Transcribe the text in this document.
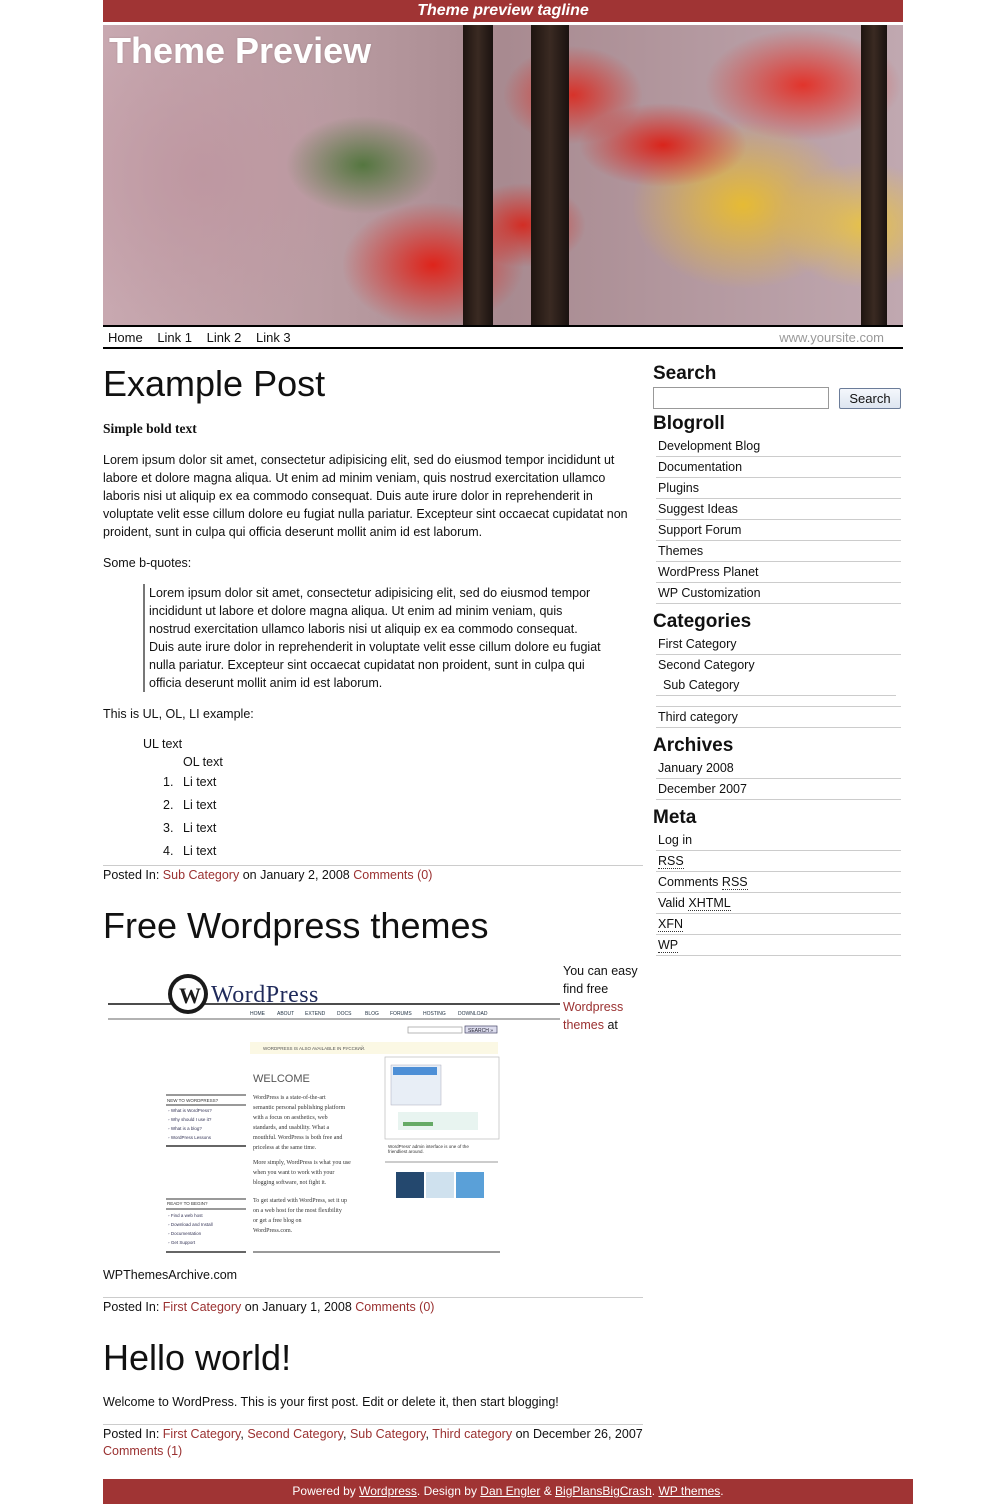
Theme preview tagline
Theme Preview
Home Link 1 Link 2 Link 3	www.yoursite.com
Example Post
Simple bold text

Lorem ipsum dolor sit amet, consectetur adipisicing elit, sed do eiusmod tempor incididunt ut labore et dolore magna aliqua. Ut enim ad minim veniam, quis nostrud exercitation ullamco laboris nisi ut aliquip ex ea commodo consequat. Duis aute irure dolor in reprehenderit in voluptate velit esse cillum dolore eu fugiat nulla pariatur. Excepteur sint occaecat cupidatat non proident, sunt in culpa qui officia deserunt mollit anim id est laborum.

Some b-quotes:

Lorem ipsum dolor sit amet, consectetur adipisicing elit, sed do eiusmod tempor incididunt ut labore et dolore magna aliqua. Ut enim ad minim veniam, quis nostrud exercitation ullamco laboris nisi ut aliquip ex ea commodo consequat. Duis aute irure dolor in reprehenderit in voluptate velit esse cillum dolore eu fugiat nulla pariatur. Excepteur sint occaecat cupidatat non proident, sunt in culpa qui officia deserunt mollit anim id est laborum.

This is UL, OL, LI example:

UL text
OL text
1. Li text
2. Li text
3. Li text
4. Li text
Posted In: Sub Category on January 2, 2008 Comments (0)
Free Wordpress themes
W WordPress
HOME ABOUT EXTEND DOCS	BLOG FORUMS HOSTING DOWNLOAD
SEARCH »
WORDPRESS IS ALSO AVAILABLE IN РУССКИЙ.
WELCOME
WordPress' admin interface is one of the
friendliest around.
NEW TO WORDPRESS?
◦ What is WordPress?
◦ Why should I use it?
◦ What is a blog?
◦ WordPress Lessons
READY TO BEGIN?
◦ Find a web host
◦ Download and Install
◦ Documentation
◦ Get Support
WordPress is a state-of-the-art
semantic personal publishing platform
with a focus on aesthetics, web
standards, and usability. What a
mouthful. WordPress is both free and
priceless at the same time.
More simply, WordPress is what you use
when you want to work with your
blogging software, not fight it.
To get started with WordPress, set it up
on a web host for the most flexibility
or get a free blog on
WordPress.com.
You can easy find free Wordpress themes at
WPThemesArchive.com
Posted In: First Category on January 1, 2008 Comments (0)
Hello world!

Welcome to WordPress. This is your first post. Edit or delete it, then start blogging!

Posted In: First Category, Second Category, Sub Category, Third category on December 26, 2007 Comments (1)
Search
Search
Blogroll
Development Blog
Documentation
Plugins
Suggest Ideas
Support Forum
Themes
WordPress Planet
WP Customization
Categories
First Category
Second Category
Sub Category
Third category
Archives
January 2008
December 2007
Meta
Log in
RSS
Comments RSS
Valid XHTML
XFN
WP
Powered by Wordpress. Design by Dan Engler & BigPlansBigCrash. WP themes.
